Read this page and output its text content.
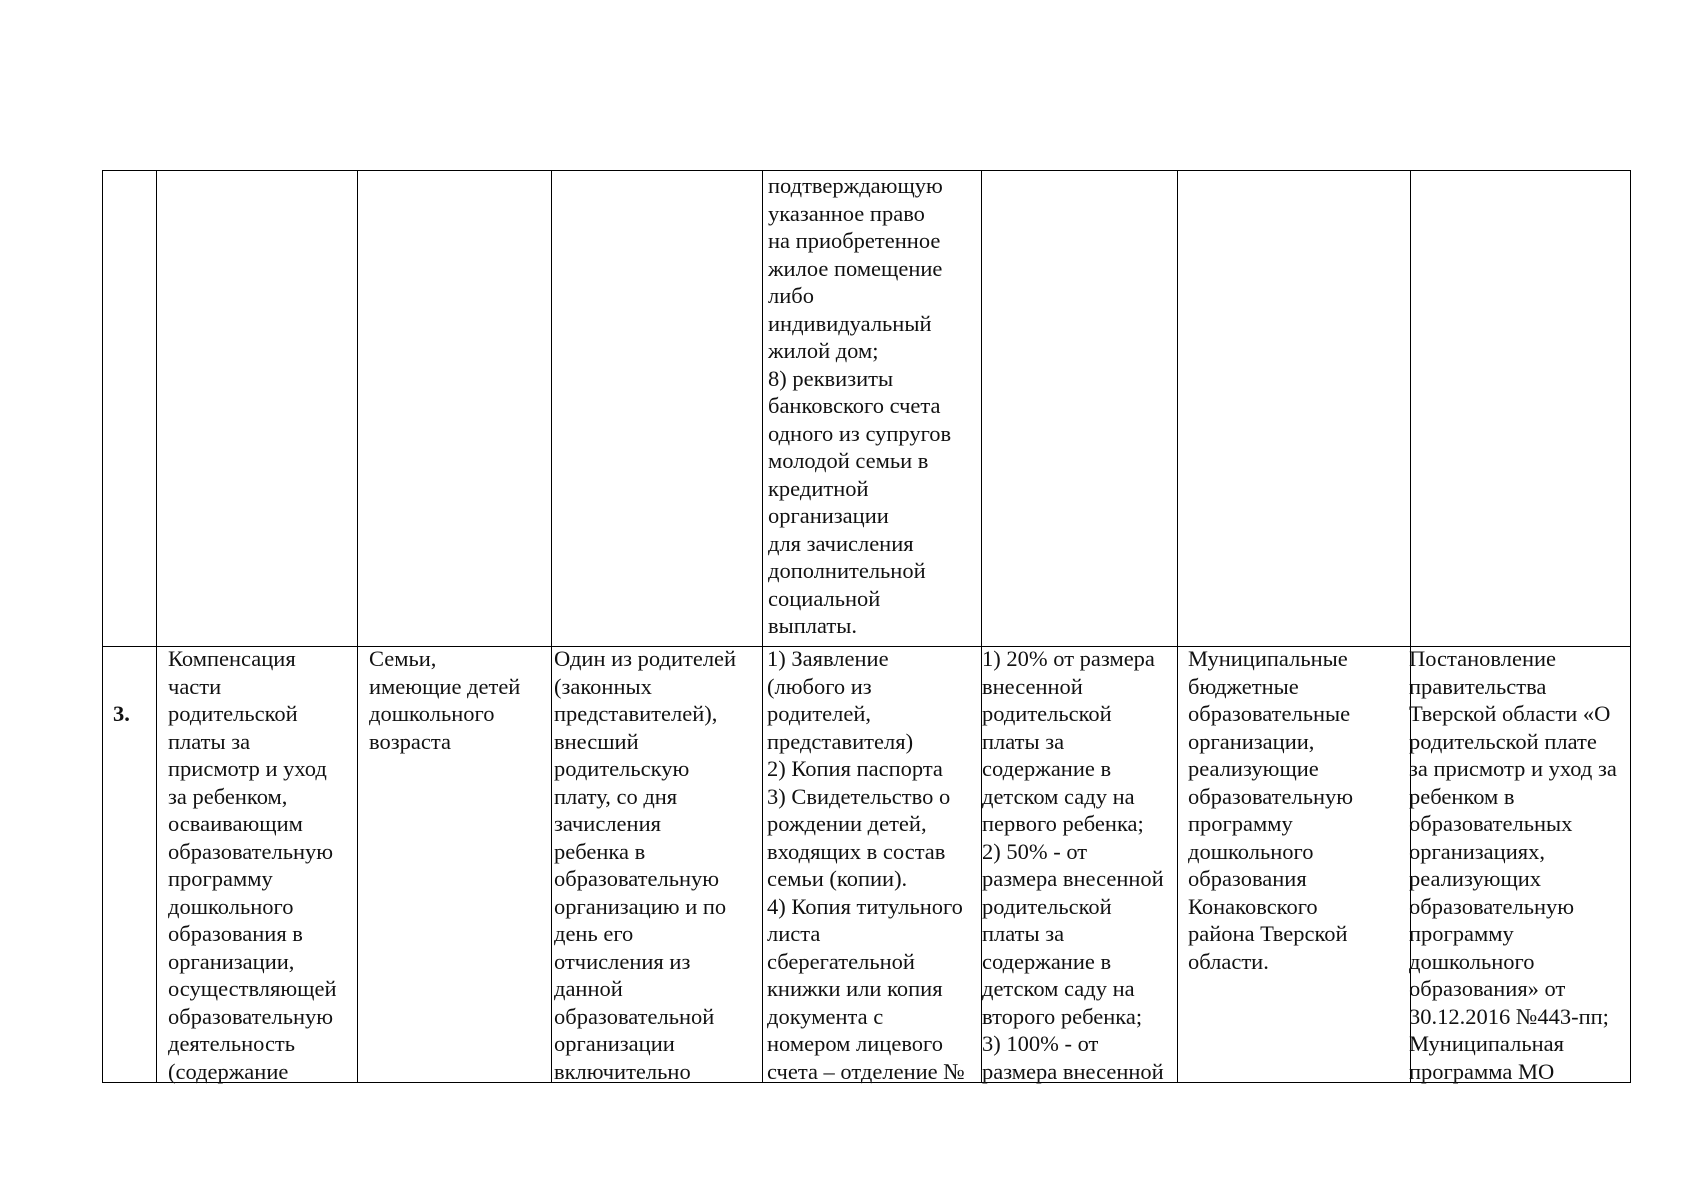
подтверждающую
указанное право
на приобретенное
жилое помещение
либо
индивидуальный
жилой дом;
8) реквизиты
банковского счета
одного из супругов
молодой семьи в
кредитной
организации
для зачисления
дополнительной
социальной
выплаты.

3.

Компенсация
части
родительской
платы за
присмотр и уход
за ребенком,
осваивающим
образовательную
программу
дошкольного
образования в
организации,
осуществляющей
образовательную
деятельность
(содержание
Семьи,
имеющие детей
дошкольного
возраста
Один из родителей
(законных
представителей),
внесший
родительскую
плату, со дня
зачисления
ребенка в
образовательную
организацию и по
день его
отчисления из
данной
образовательной
организации
включительно
1) Заявление
(любого из
родителей,
представителя)
2) Копия паспорта
3) Свидетельство о
рождении детей,
входящих в состав
семьи (копии).
4) Копия титульного
листа
сберегательной
книжки или копия
документа с
номером лицевого
счета – отделение №
1) 20% от размера
внесенной
родительской
платы за
содержание в
детском саду на
первого ребенка;
2) 50% - от
размера внесенной
родительской
платы за
содержание в
детском саду на
второго ребенка;
3) 100% - от
размера внесенной
Муниципальные
бюджетные
образовательные
организации,
реализующие
образовательную
программу
дошкольного
образования
Конаковского
района Тверской
области.
Постановление
правительства
Тверской области «О
родительской плате
за присмотр и уход за
ребенком в
образовательных
организациях,
реализующих
образовательную
программу
дошкольного
образования» от
30.12.2016 №443-пп;
Муниципальная
программа МО
